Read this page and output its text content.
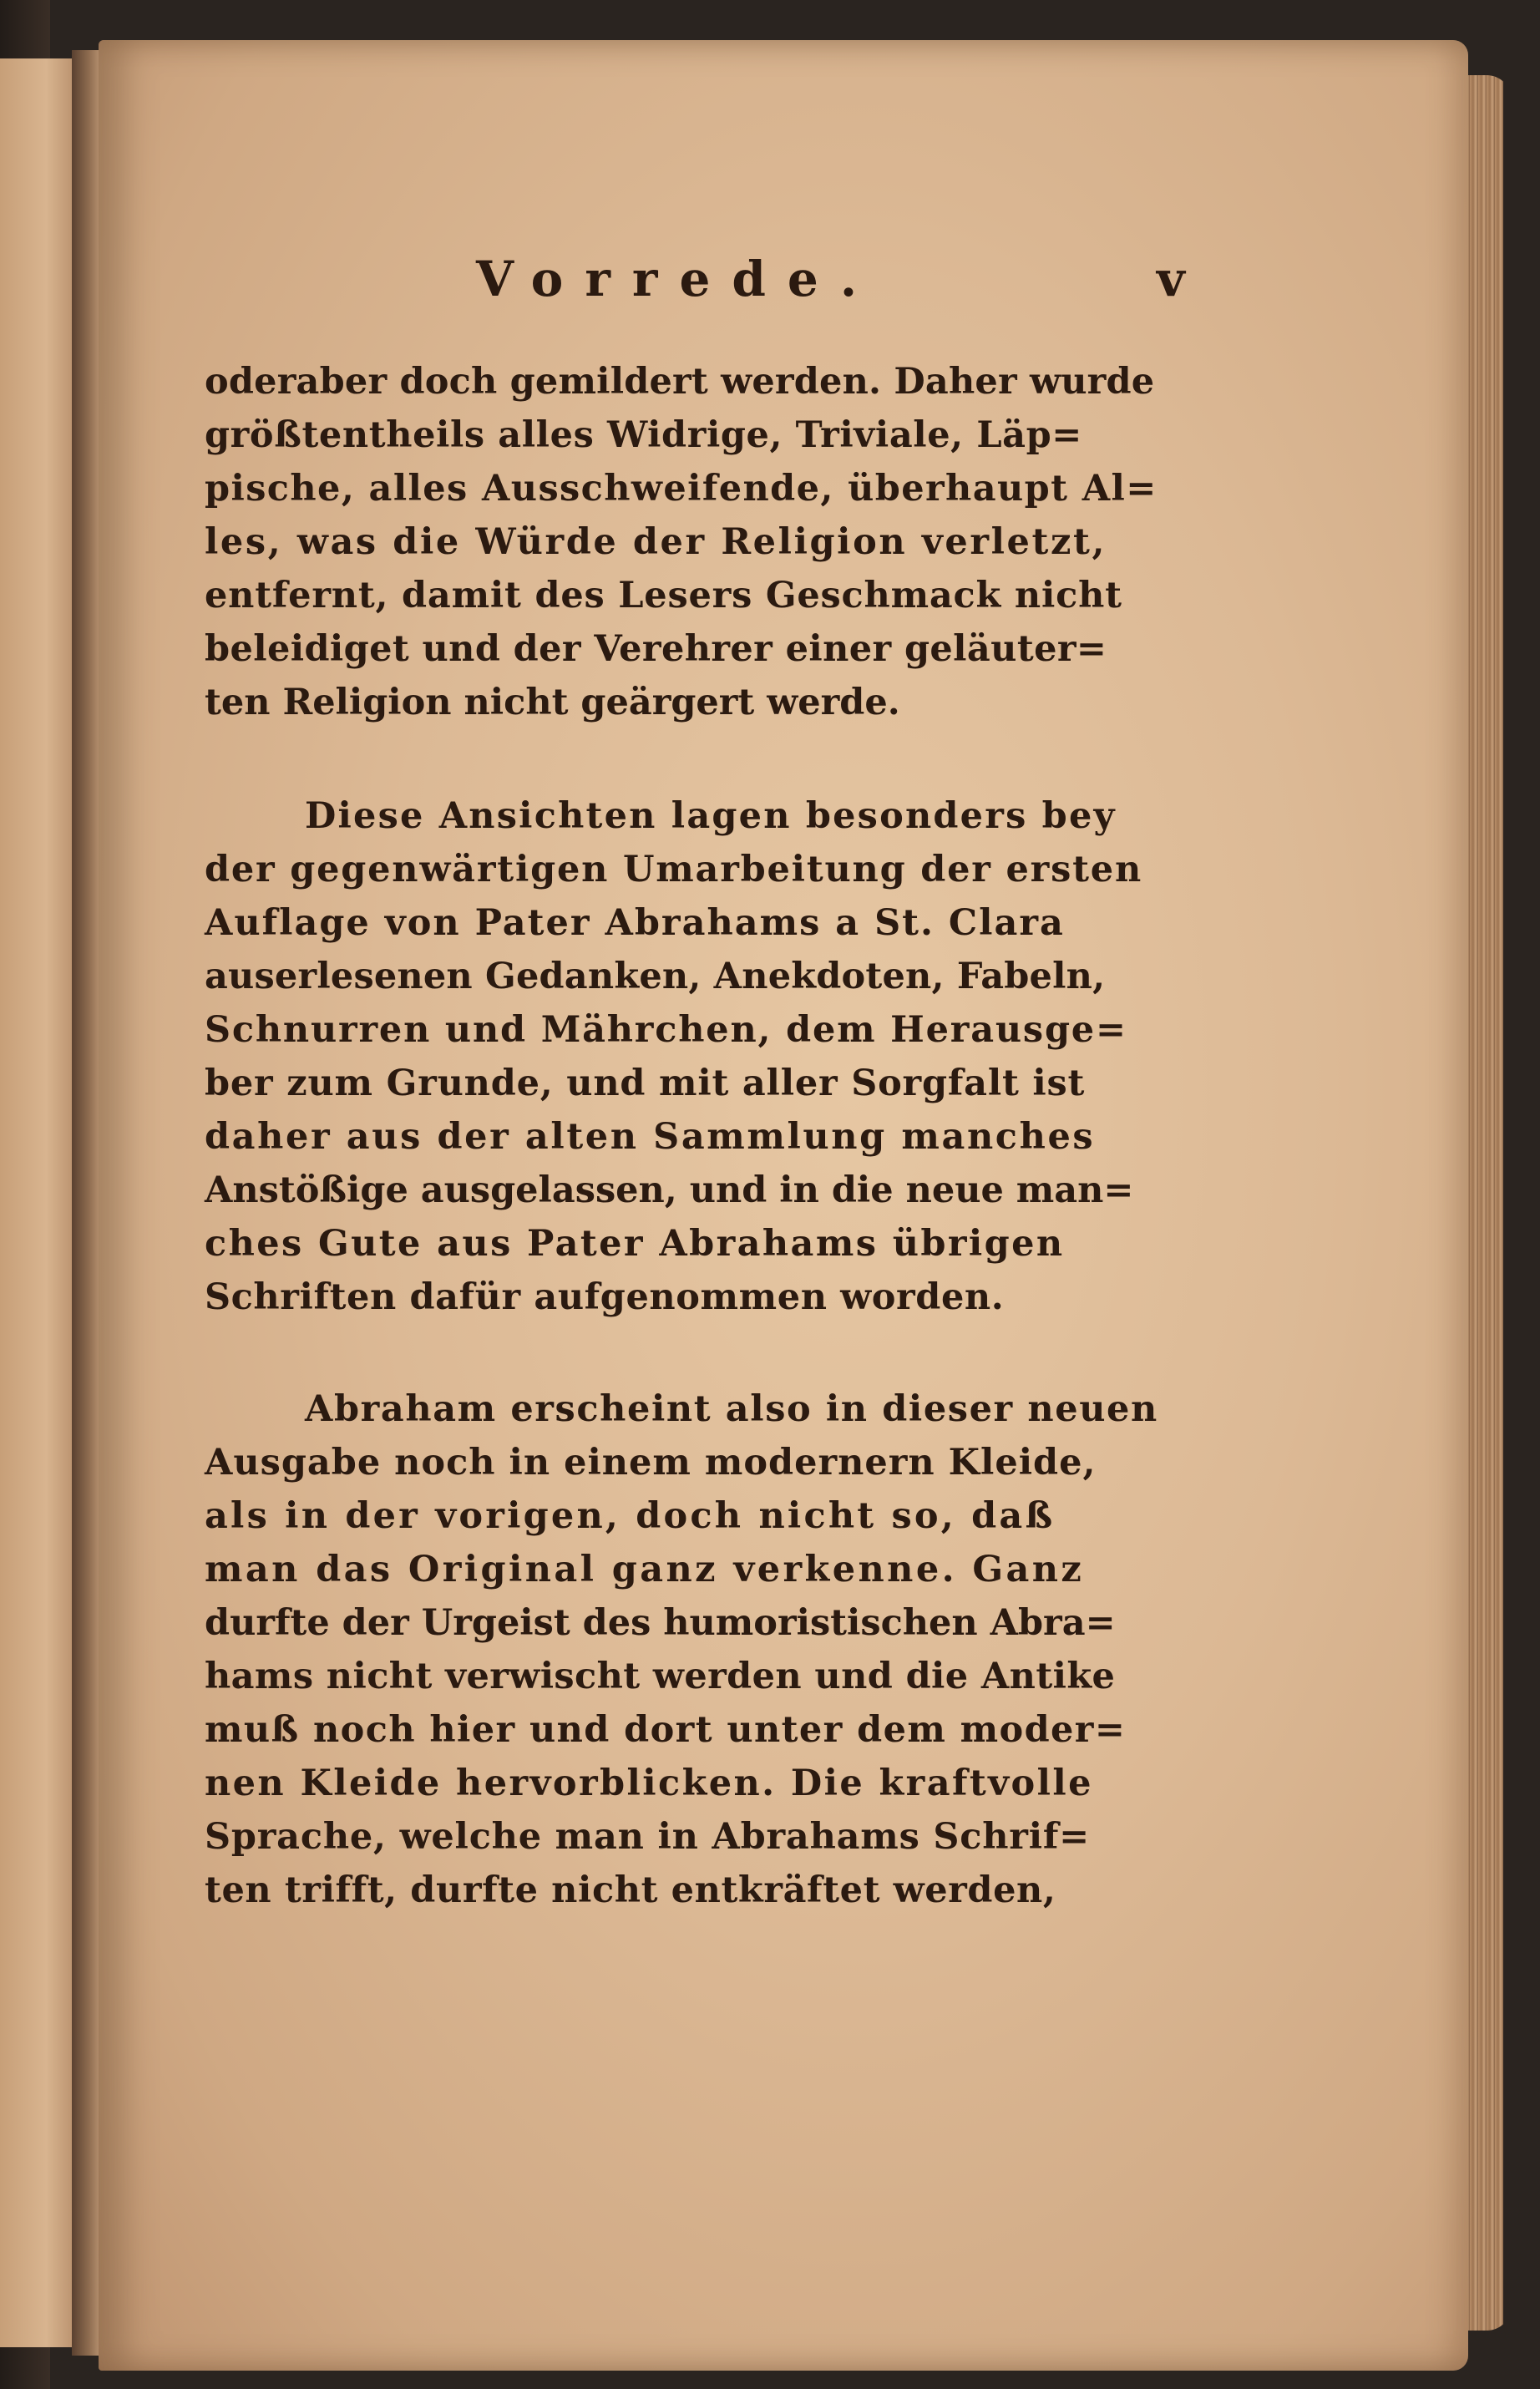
Vorrede.	v
oderaber doch gemildert werden. Daher wurde
größtentheils alles Widrige, Triviale, Läp=
pische, alles Ausschweifende, überhaupt Al=
les, was die Würde der Religion verletzt,
entfernt, damit des Lesers Geschmack nicht
beleidiget und der Verehrer einer geläuter=
ten Religion nicht geärgert werde.
Diese Ansichten lagen besonders bey
der gegenwärtigen Umarbeitung der ersten
Auflage von Pater Abrahams a St. Clara
auserlesenen Gedanken, Anekdoten, Fabeln,
Schnurren und Mährchen, dem Herausge=
ber zum Grunde, und mit aller Sorgfalt ist
daher aus der alten Sammlung manches
Anstößige ausgelassen, und in die neue man=
ches Gute aus Pater Abrahams übrigen
Schriften dafür aufgenommen worden.
Abraham erscheint also in dieser neuen
Ausgabe noch in einem modernern Kleide,
als in der vorigen, doch nicht so, daß
man das Original ganz verkenne. Ganz
durfte der Urgeist des humoristischen Abra=
hams nicht verwischt werden und die Antike
muß noch hier und dort unter dem moder=
nen Kleide hervorblicken. Die kraftvolle
Sprache, welche man in Abrahams Schrif=
ten trifft, durfte nicht entkräftet werden,
